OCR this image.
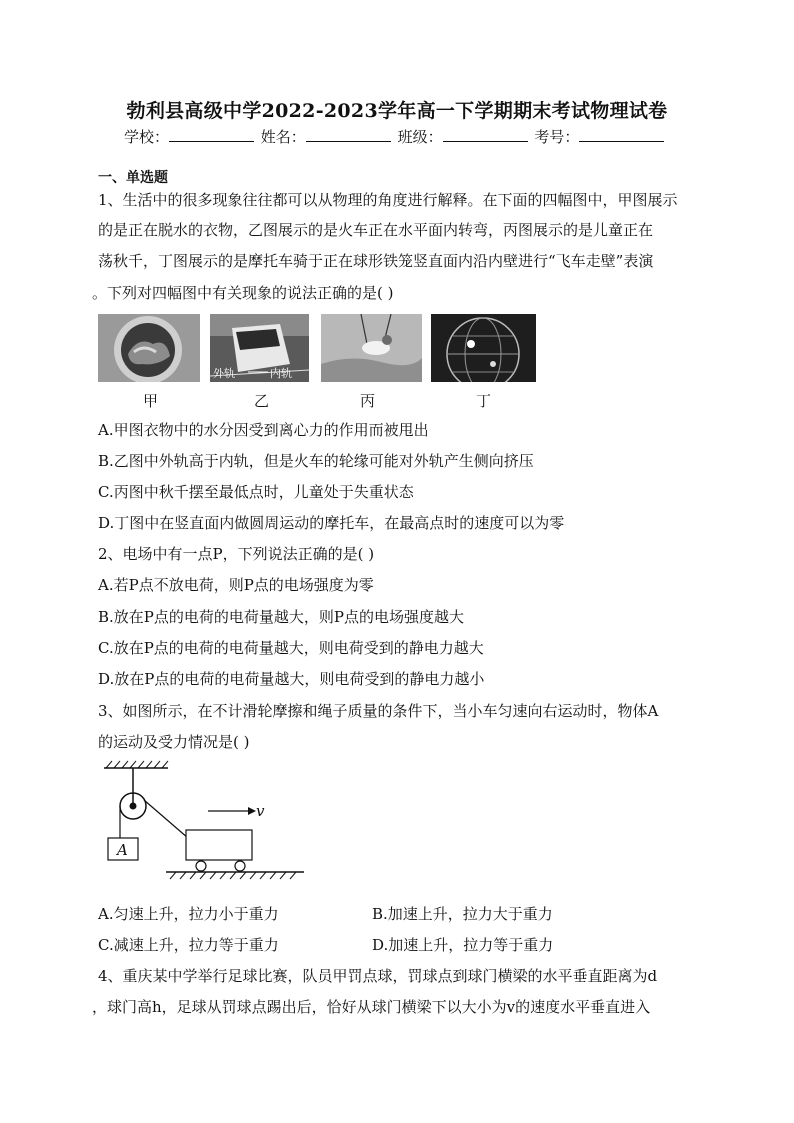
勃利县高级中学2022-2023学年高一下学期期末考试物理试卷
学校：	姓名：	班级：	考号：
一、单选题
1、生活中的很多现象往往都可以从物理的角度进行解释。在下面的四幅图中，甲图展示
的是正在脱水的衣物，乙图展示的是火车正在水平面内转弯，丙图展示的是儿童正在
荡秋千，丁图展示的是摩托车骑于正在球形铁笼竖直面内沿内壁进行“飞车走壁”表演
。下列对四幅图中有关现象的说法正确的是( )
外轨	内轨
甲	乙	丙	丁
A.甲图衣物中的水分因受到离心力的作用而被甩出
B.乙图中外轨高于内轨，但是火车的轮缘可能对外轨产生侧向挤压
C.丙图中秋千摆至最低点时，儿童处于失重状态
D.丁图中在竖直面内做圆周运动的摩托车，在最高点时的速度可以为零
2、电场中有一点P，下列说法正确的是( )
A.若P点不放电荷，则P点的电场强度为零
B.放在P点的电荷的电荷量越大，则P点的电场强度越大
C.放在P点的电荷的电荷量越大，则电荷受到的静电力越大
D.放在P点的电荷的电荷量越大，则电荷受到的静电力越小
3、如图所示，在不计滑轮摩擦和绳子质量的条件下，当小车匀速向右运动时，物体A
的运动及受力情况是( )
A
v
A.匀速上升，拉力小于重力	B.加速上升，拉力大于重力
C.减速上升，拉力等于重力	D.加速上升，拉力等于重力
4、重庆某中学举行足球比赛，队员甲罚点球，罚球点到球门横梁的水平垂直距离为d
，球门高h，足球从罚球点踢出后，恰好从球门横梁下以大小为v的速度水平垂直进入
